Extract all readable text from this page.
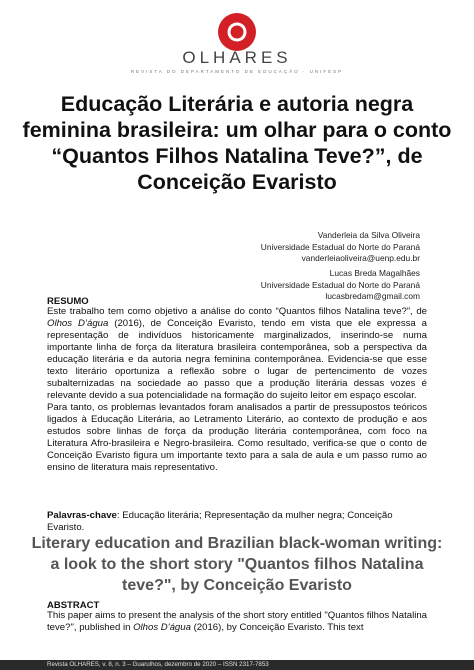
OLHARES
REVISTA DO DEPARTAMENTO DE EDUCAÇÃO · UNIFESP
Educação Literária e autoria negra feminina brasileira: um olhar para o conto “Quantos Filhos Natalina Teve?”, de Conceição Evaristo
Vanderleia da Silva Oliveira
Universidade Estadual do Norte do Paraná
vanderleiaoliveira@uenp.edu.br
Lucas Breda Magalhães
Universidade Estadual do Norte do Paraná
lucasbredam@gmail.com
RESUMO

Este trabalho tem como objetivo a análise do conto “Quantos filhos Natalina teve?”, de Olhos D’água (2016), de Conceição Evaristo, tendo em vista que ele expressa a representação de indivíduos historicamente marginalizados, inserindo-se numa importante linha de força da literatura brasileira contemporânea, sob a perspectiva da educação literária e da autoria negra feminina contemporânea. Evidencia-se que esse texto literário oportuniza a reflexão sobre o lugar de pertencimento de vozes subalternizadas na sociedade ao passo que a produção literária dessas vozes é relevante devido a sua potencialidade na formação do sujeito leitor em espaço escolar.

Para tanto, os problemas levantados foram analisados a partir de pressupostos teóricos ligados à Educação Literária, ao Letramento Literário, ao contexto de produção e aos estudos sobre linhas de força da produção literária contemporânea, com foco na Literatura Afro-brasileira e Negro-brasileira. Como resultado, verifica-se que o conto de Conceição Evaristo figura um importante texto para a sala de aula e um passo rumo ao ensino de literatura mais representativo.

Palavras-chave: Educação literária; Representação da mulher negra; Conceição Evaristo.
Literary education and Brazilian black-woman writing: a look to the short story "Quantos filhos Natalina teve?", by Conceição Evaristo
ABSTRACT
This paper aims to present the analysis of the short story entitled "Quantos filhos Natalina teve?", published in Olhos D'água (2016), by Conceição Evaristo. This text
80
Revista OLHARES, v. 8, n. 3 – Guarulhos, dezembro de 2020 – ISSN 2317-7853
